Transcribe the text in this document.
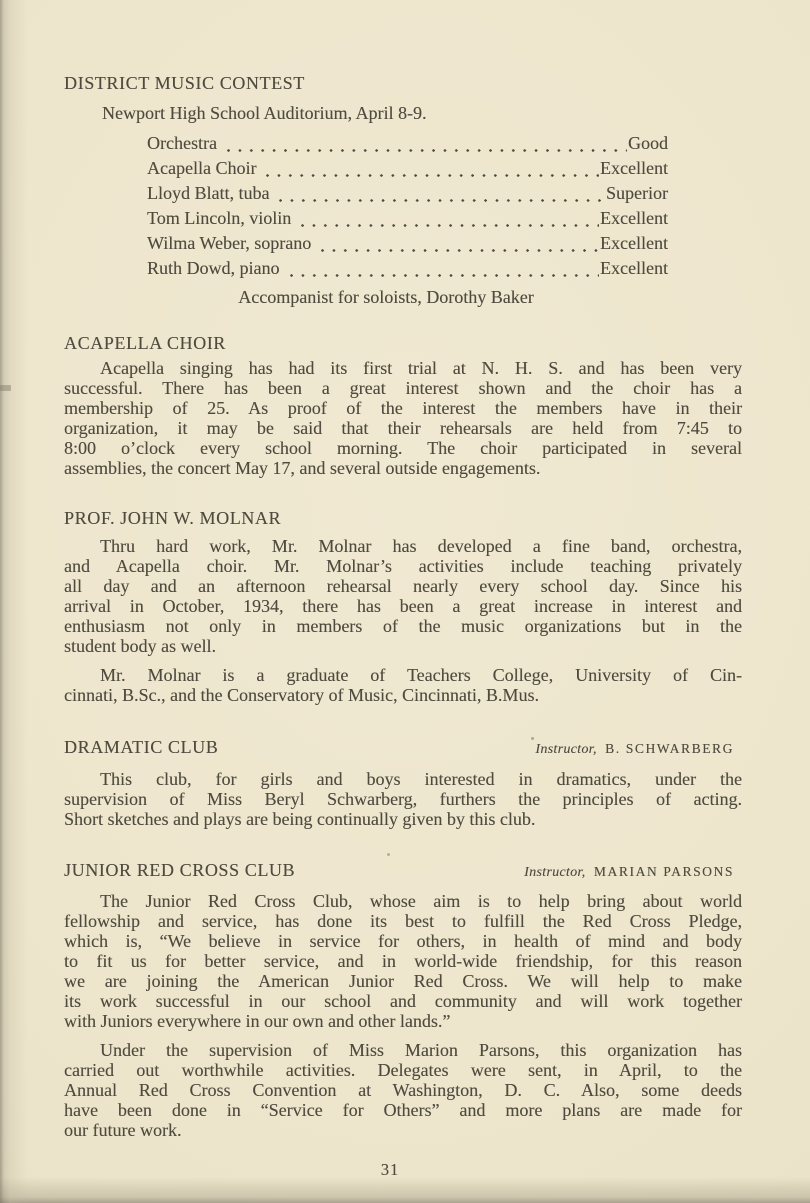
DISTRICT MUSIC CONTEST
Newport High School Auditorium, April 8-9.
Orchestra	Good
Acapella Choir	Excellent
Lloyd Blatt, tuba	Superior
Tom Lincoln, violin	Excellent
Wilma Weber, soprano	Excellent
Ruth Dowd, piano	Excellent
Accompanist for soloists, Dorothy Baker
ACAPELLA CHOIR
Acapella singing has had its first trial at N. H. S. and has been very
successful. There has been a great interest shown and the choir has a
membership of 25. As proof of the interest the members have in their
organization, it may be said that their rehearsals are held from 7:45 to
8:00 o’clock every school morning. The choir participated in several
assemblies, the concert May 17, and several outside engagements.
PROF. JOHN W. MOLNAR
Thru hard work, Mr. Molnar has developed a fine band, orchestra,
and Acapella choir. Mr. Molnar’s activities include teaching privately
all day and an afternoon rehearsal nearly every school day. Since his
arrival in October, 1934, there has been a great increase in interest and
enthusiasm not only in members of the music organizations but in the
student body as well.
Mr. Molnar is a graduate of Teachers College, University of Cin-
cinnati, B.Sc., and the Conservatory of Music, Cincinnati, B.Mus.
DRAMATIC CLUB	Instructor, B. SCHWARBERG
This club, for girls and boys interested in dramatics, under the
supervision of Miss Beryl Schwarberg, furthers the principles of acting.
Short sketches and plays are being continually given by this club.
JUNIOR RED CROSS CLUB	Instructor, MARIAN PARSONS
The Junior Red Cross Club, whose aim is to help bring about world
fellowship and service, has done its best to fulfill the Red Cross Pledge,
which is, “We believe in service for others, in health of mind and body
to fit us for better service, and in world-wide friendship, for this reason
we are joining the American Junior Red Cross. We will help to make
its work successful in our school and community and will work together
with Juniors everywhere in our own and other lands.”
Under the supervision of Miss Marion Parsons, this organization has
carried out worthwhile activities. Delegates were sent, in April, to the
Annual Red Cross Convention at Washington, D. C. Also, some deeds
have been done in “Service for Others” and more plans are made for
our future work.
31
